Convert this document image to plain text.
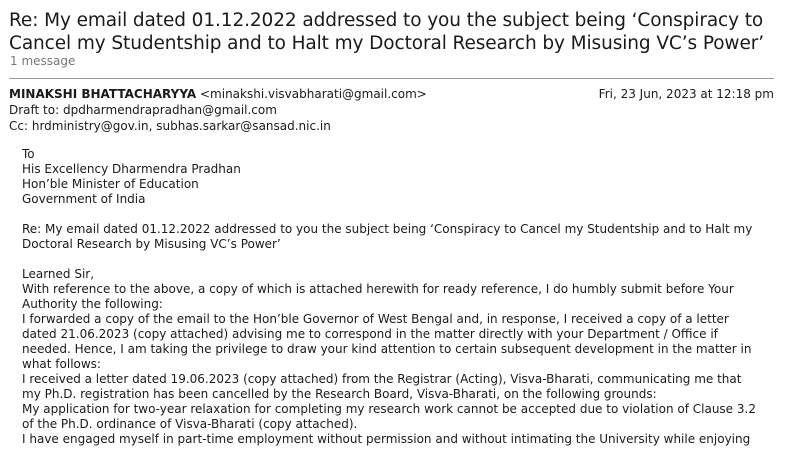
Re: My email dated 01.12.2022 addressed to you the subject being ‘Conspiracy to Cancel my Studentship and to Halt my Doctoral Research by Misusing VC’s Power’
1 message
MINAKSHI BHATTACHARYYA <minakshi.visvabharati@gmail.com>	Fri, 23 Jun, 2023 at 12:18 pm
Draft to: dpdharmendrapradhan@gmail.com
Cc: hrdministry@gov.in, subhas.sarkar@sansad.nic.in

To

His Excellency Dharmendra Pradhan

Hon’ble Minister of Education

Government of India

Re: My email dated 01.12.2022 addressed to you the subject being ‘Conspiracy to Cancel my Studentship and to Halt my Doctoral Research by Misusing VC’s Power’

Learned Sir,

With reference to the above, a copy of which is attached herewith for ready reference, I do humbly submit before Your Authority the following:

I forwarded a copy of the email to the Hon’ble Governor of West Bengal and, in response, I received a copy of a letter dated 21.06.2023 (copy attached) advising me to correspond in the matter directly with your Department / Office if needed. Hence, I am taking the privilege to draw your kind attention to certain subsequent development in the matter in what follows:

I received a letter dated 19.06.2023 (copy attached) from the Registrar (Acting), Visva-Bharati, communicating me that my Ph.D. registration has been cancelled by the Research Board, Visva-Bharati, on the following grounds:

My application for two-year relaxation for completing my research work cannot be accepted due to violation of Clause 3.2 of the Ph.D. ordinance of Visva-Bharati (copy attached).

I have engaged myself in part-time employment without permission and without intimating the University while enjoying
